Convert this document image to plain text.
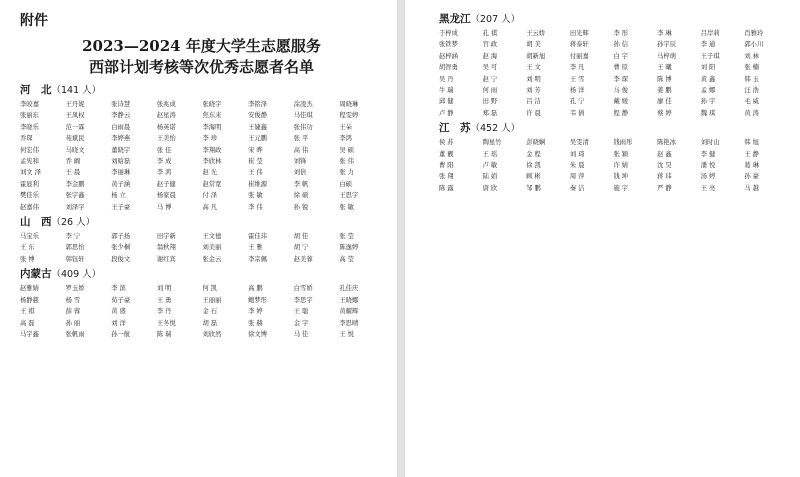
附件
2023—2024 年度大学生志愿服务
西部计划考核等次优秀志愿者名单
河　北（141 人）
李皎嘉	王丹妮	张诗慧	张兆成	张晓宇	李铭泽	涂凌杰	周晓琳
张丽东	王凤权	李静云	赵星涛	焦东来	安俊静	马佳琪	程雯婷
李晓乐	范一霖	白雨晨	杨英诺	李海明	王婕鑫	张伟功	王朵
乔琛	苑斌民	李婷燕	王美怡	李 珍	王元鹏	张 平	李鸿
何宏伟	马晓文	董晓宇	张 佳	李翔政	宋 晔	高 伟	吴 硕
孟宪和	乔 阚	刘晗磊	李 成	李欣林	崔 莹	刘锋	张 伟
刘文 泽	王 晨	李丽琳	李 鸿	赵 光	王 伟	刘倍	张 力
霍显利	李金鹏	黄子涵	赵子健	赵常宽	崔维源	李 帆	白硕
樊佳乐	张宇鑫	杨 立	杨家晨	付 泽	张 敏	徐 硕	王思宇
赵嘉伟	刘泽宇	王子豪	马 博	高 凡	李 伟	孙 锐	张 敏
山　西（26 人）
马宝乐	李 宁	郭子扬	田宇新	王文德	霍佳玮	胡 佳	张 莹
王 东	郭思怡	张少桐	翁秋翔	刘美丽	王 雅	胡 宁	陈逸婷
张 博	韩钰轩	段俊文	谢红宾	张金云	李宗佩	赵美蓉	高 莹
内蒙古（409 人）
赵雅婧	罗玉娇	李 滨	刘 明	何 凯	高 鹏	白雪娇	孔佳庆
杨静慈	杨 雪	荀子豪	王 勇	王丽丽	鲍梦彤	李思宇	王晓娜
王 祺	薛 蓉	黄 盛	李 丹	金 石	李 婷	王 聪	黄耀辉
高 磊	孙 丽	刘 洋	王冬悦	胡 磊	张 赫	金 宇	李思晴
马宇鑫	张帆雨	孙一航	陈 瑞	刘欣然	徐文博	马 佳	王 悦
黑龙江（207 人）
于梓成	孔 祺	王云娇	田光辉	李 彤	李 琳	吕岸莉	肖雅玲
张铁梦	官 政	胡 美	蒋泰轩	孙 信	孙宇辰	李 通	郭小川
赵梓涵	赵 海	胡新旭	付丽嘉	白 宇	马梓萌	王子琪	刘 林
胡智勇	吴 可	王 文	李 凡	曹 原	王 曦	刘 阳	张 楠
吴 丹	赵 宁	刘 明	王 雪	李 琛	陈 博	黄 鑫	韩 玉
牛 瑞	何 雨	刘 芳	杨 洋	马 俊	姜 鹏	孟 娜	汪 浩
邱 健	田 野	吕 洁	孔 宁	戴 媛	廖 佳	孙 宇	毛 威
卢 静	郑 磊	许 晨	韦 倩	程 静	蔡 婷	魏 琪	黄 涛
江　苏（452 人）
侯 苏	陶星竹	彭晓娴	吴雯清	钱雨彤	陈艳冰	刘时山	韩 旭
董 靓	王 瑶	金 程	刘 琦	张 颖	赵 鑫	李 健	王 静
曹 阳	卢 敏	徐 凯	朱 晨	许 婧	沈 昊	潘 悦	葛 琳
张 翔	陆 娟	顾 彬	周 萍	钱 坤	蒋 玮	汤 婷	孙 豪
陈 露	唐 欣	邹 鹏	秦 洁	施 宇	严 静	王 亮	马 越
